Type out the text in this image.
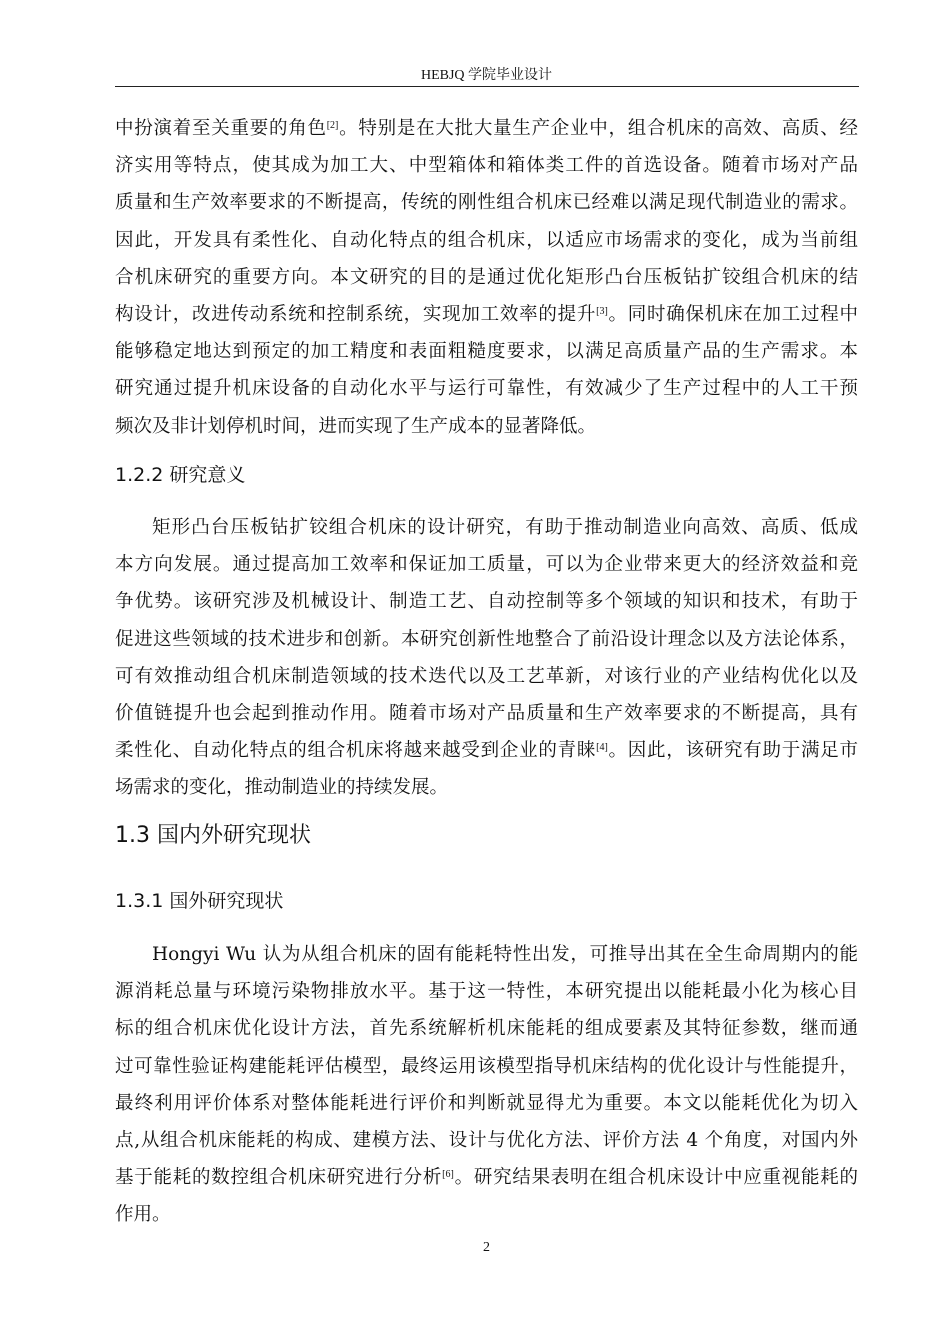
HEBJQ 学院毕业设计
中扮演着至关重要的角色[2]。特别是在大批大量生产企业中，组合机床的高效、高质、经
济实用等特点，使其成为加工大、中型箱体和箱体类工件的首选设备。随着市场对产品
质量和生产效率要求的不断提高，传统的刚性组合机床已经难以满足现代制造业的需求。
因此，开发具有柔性化、自动化特点的组合机床，以适应市场需求的变化，成为当前组
合机床研究的重要方向。本文研究的目的是通过优化矩形凸台压板钻扩铰组合机床的结
构设计，改进传动系统和控制系统，实现加工效率的提升[3]。同时确保机床在加工过程中
能够稳定地达到预定的加工精度和表面粗糙度要求，以满足高质量产品的生产需求。本
研究通过提升机床设备的自动化水平与运行可靠性，有效减少了生产过程中的人工干预
频次及非计划停机时间，进而实现了生产成本的显著降低。
1.2.2 研究意义
矩形凸台压板钻扩铰组合机床的设计研究，有助于推动制造业向高效、高质、低成
本方向发展。通过提高加工效率和保证加工质量，可以为企业带来更大的经济效益和竞
争优势。该研究涉及机械设计、制造工艺、自动控制等多个领域的知识和技术，有助于
促进这些领域的技术进步和创新。本研究创新性地整合了前沿设计理念以及方法论体系，
可有效推动组合机床制造领域的技术迭代以及工艺革新，对该行业的产业结构优化以及
价值链提升也会起到推动作用。随着市场对产品质量和生产效率要求的不断提高，具有
柔性化、自动化特点的组合机床将越来越受到企业的青睐[4]。因此，该研究有助于满足市
场需求的变化，推动制造业的持续发展。
1.3 国内外研究现状
1.3.1 国外研究现状
Hongyi Wu 认为从组合机床的固有能耗特性出发，可推导出其在全生命周期内的能
源消耗总量与环境污染物排放水平。基于这一特性，本研究提出以能耗最小化为核心目
标的组合机床优化设计方法，首先系统解析机床能耗的组成要素及其特征参数，继而通
过可靠性验证构建能耗评估模型，最终运用该模型指导机床结构的优化设计与性能提升，
最终利用评价体系对整体能耗进行评价和判断就显得尤为重要。本文以能耗优化为切入
点,从组合机床能耗的构成、建模方法、设计与优化方法、评价方法 4 个角度，对国内外
基于能耗的数控组合机床研究进行分析[6]。研究结果表明在组合机床设计中应重视能耗的
作用。
2
